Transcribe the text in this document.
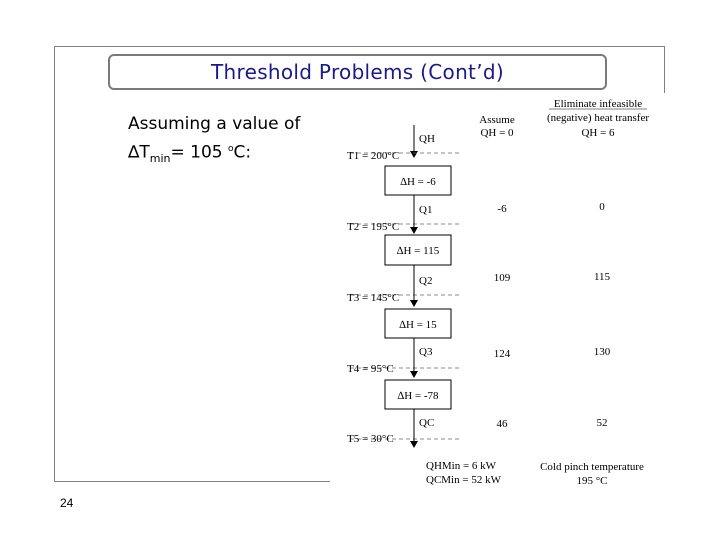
Threshold Problems (Cont’d)
Assuming a value of
$\Delta T_{min}= 105$ $^o$C:
Assume
QH = 0
Eliminate infeasible
(negative) heat transfer
QH = 6
QH
T1 = 200°C
T2 = 195°C
T3 = 145°C
T4 = 95°C
T5 = 30°C
∆H = -6
∆H = 115
∆H = 15
∆H = -78
Q1
Q2
Q3
QC
-6
109
124
46
0
115
130
52
QHMin = 6 kW
QCMin = 52 kW
Cold pinch temperature
195 °C
24
